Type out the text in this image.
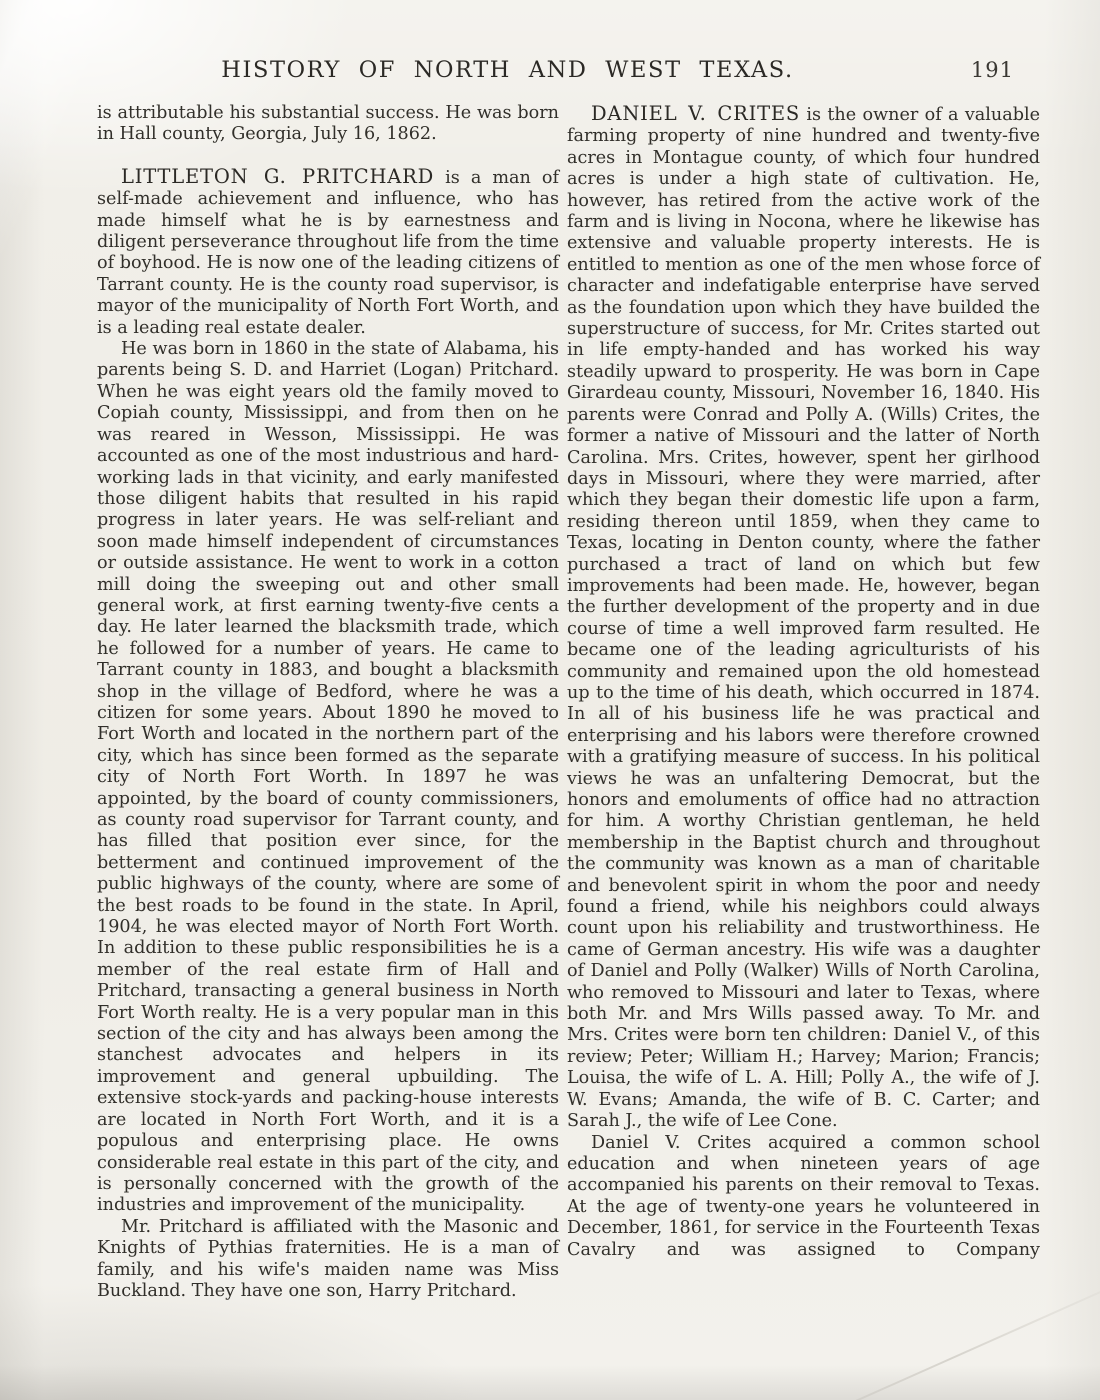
HISTORY OF NORTH AND WEST TEXAS.	191

is attributable his substantial success. He was born in Hall county, Georgia, July 16, 1862.

LITTLETON G. PRITCHARD is a man of self-made achievement and influence, who has made himself what he is by earnestness and diligent perseverance throughout life from the time of boyhood. He is now one of the leading citizens of Tarrant county. He is the county road supervisor, is mayor of the municipality of North Fort Worth, and is a leading real estate dealer.

He was born in 1860 in the state of Alabama, his parents being S. D. and Harriet (Logan) Pritchard. When he was eight years old the family moved to Copiah county, Mississippi, and from then on he was reared in Wesson, Mississippi. He was accounted as one of the most industrious and hard-working lads in that vicinity, and early manifested those diligent habits that resulted in his rapid progress in later years. He was self-reliant and soon made himself independent of circumstances or outside assistance. He went to work in a cotton mill doing the sweeping out and other small general work, at first earning twenty-five cents a day. He later learned the blacksmith trade, which he followed for a number of years. He came to Tarrant county in 1883, and bought a blacksmith shop in the village of Bedford, where he was a citizen for some years. About 1890 he moved to Fort Worth and located in the northern part of the city, which has since been formed as the separate city of North Fort Worth. In 1897 he was appointed, by the board of county commissioners, as county road supervisor for Tarrant county, and has filled that position ever since, for the betterment and continued improvement of the public highways of the county, where are some of the best roads to be found in the state. In April, 1904, he was elected mayor of North Fort Worth. In addition to these public responsibilities he is a member of the real estate firm of Hall and Pritchard, transacting a general business in North Fort Worth realty. He is a very popular man in this section of the city and has always been among the stanchest advocates and helpers in its improvement and general upbuilding. The extensive stock-yards and packing-house interests are located in North Fort Worth, and it is a populous and enterprising place. He owns considerable real estate in this part of the city, and is personally concerned with the growth of the industries and improvement of the municipality.

Mr. Pritchard is affiliated with the Masonic and Knights of Pythias fraternities. He is a man of family, and his wife's maiden name was Miss Buckland. They have one son, Harry Pritchard.

DANIEL V. CRITES is the owner of a valuable farming property of nine hundred and twenty-five acres in Montague county, of which four hundred acres is under a high state of cultivation. He, however, has retired from the active work of the farm and is living in Nocona, where he likewise has extensive and valuable property interests. He is entitled to mention as one of the men whose force of character and indefatigable enterprise have served as the foundation upon which they have builded the superstructure of success, for Mr. Crites started out in life empty-handed and has worked his way steadily upward to prosperity. He was born in Cape Girardeau county, Missouri, November 16, 1840. His parents were Conrad and Polly A. (Wills) Crites, the former a native of Missouri and the latter of North Carolina. Mrs. Crites, however, spent her girlhood days in Missouri, where they were married, after which they began their domestic life upon a farm, residing thereon until 1859, when they came to Texas, locating in Denton county, where the father purchased a tract of land on which but few improvements had been made. He, however, began the further development of the property and in due course of time a well improved farm resulted. He became one of the leading agriculturists of his community and remained upon the old homestead up to the time of his death, which occurred in 1874. In all of his business life he was practical and enterprising and his labors were therefore crowned with a gratifying measure of success. In his political views he was an unfaltering Democrat, but the honors and emoluments of office had no attraction for him. A worthy Christian gentleman, he held membership in the Baptist church and throughout the community was known as a man of charitable and benevolent spirit in whom the poor and needy found a friend, while his neighbors could always count upon his reliability and trustworthiness. He came of German ancestry. His wife was a daughter of Daniel and Polly (Walker) Wills of North Carolina, who removed to Missouri and later to Texas, where both Mr. and Mrs Wills passed away. To Mr. and Mrs. Crites were born ten children: Daniel V., of this review; Peter; William H.; Harvey; Marion; Francis; Louisa, the wife of L. A. Hill; Polly A., the wife of J. W. Evans; Amanda, the wife of B. C. Carter; and Sarah J., the wife of Lee Cone.

Daniel V. Crites acquired a common school education and when nineteen years of age accompanied his parents on their removal to Texas. At the age of twenty-one years he volunteered in December, 1861, for service in the Fourteenth Texas Cavalry and was assigned to Company
